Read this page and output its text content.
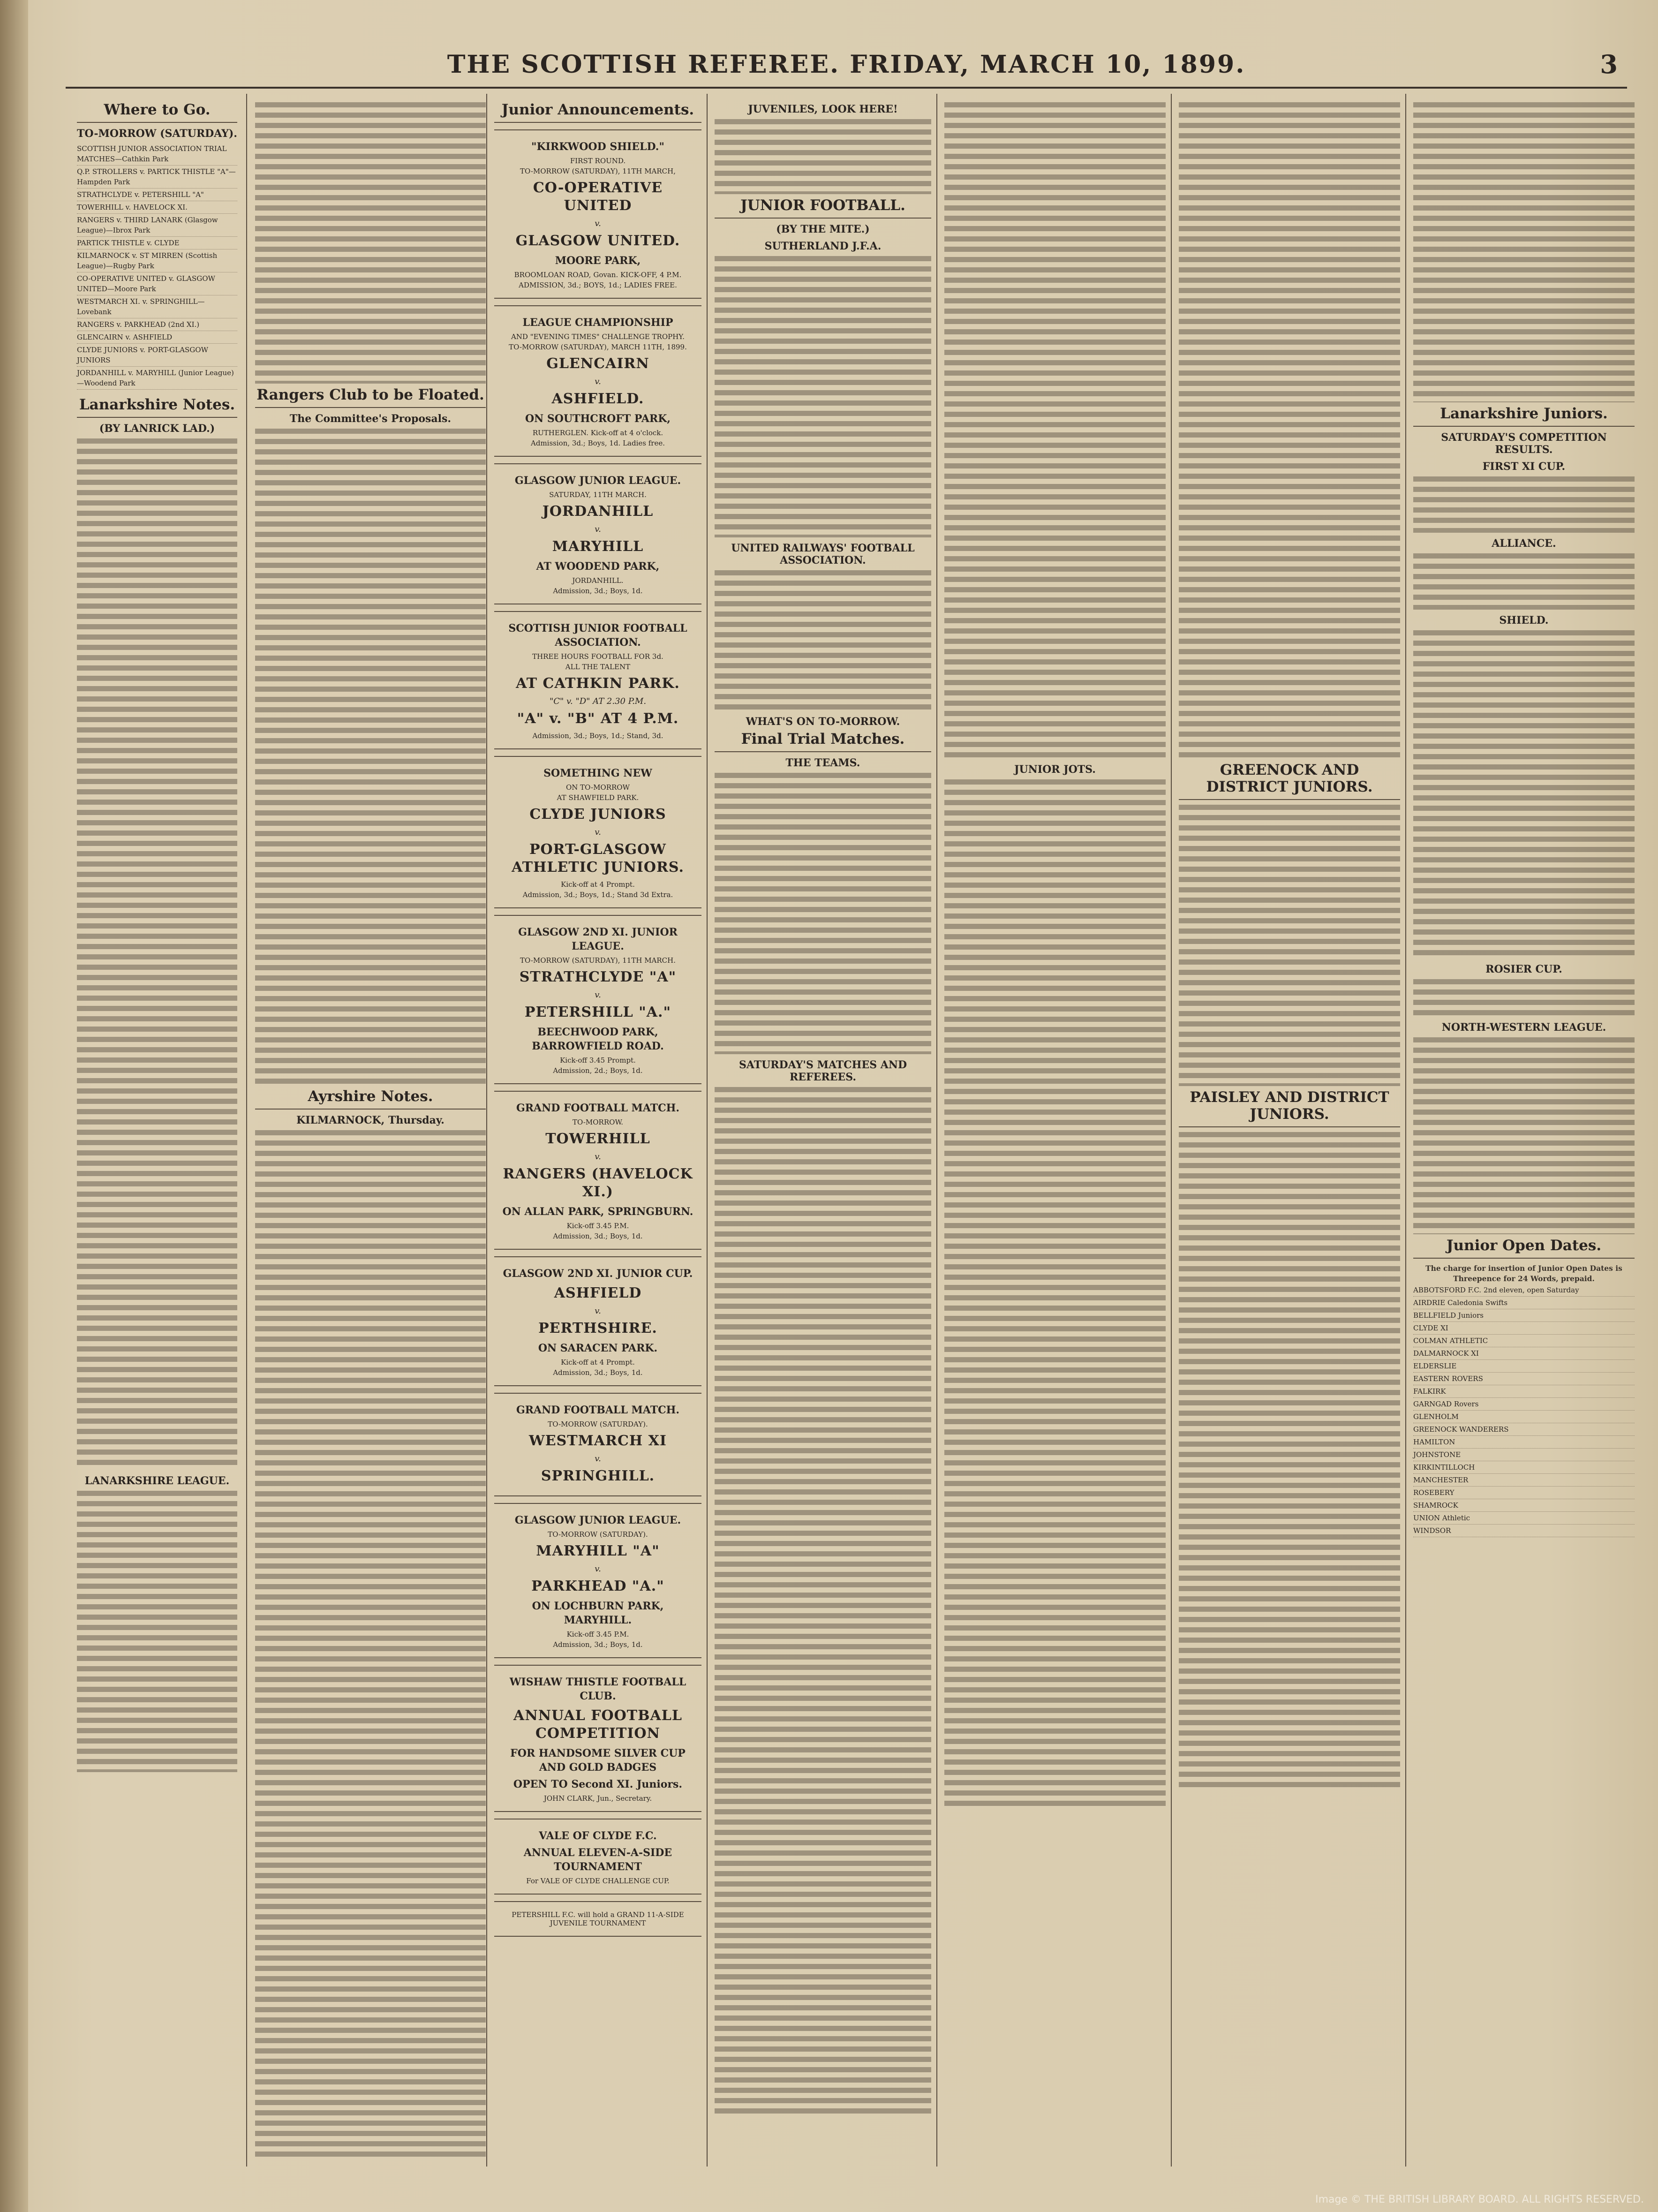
THE SCOTTISH REFEREE. FRIDAY, MARCH 10, 1899.	3
Where to Go.
TO-MORROW (SATURDAY).
SCOTTISH JUNIOR ASSOCIATION TRIAL MATCHES—Cathkin Park
Q.P. STROLLERS v. PARTICK THISTLE "A"—Hampden Park
STRATHCLYDE v. PETERSHILL "A"
TOWERHILL v. HAVELOCK XI.
RANGERS v. THIRD LANARK (Glasgow League)—Ibrox Park
PARTICK THISTLE v. CLYDE
KILMARNOCK v. ST MIRREN (Scottish League)—Rugby Park
CO-OPERATIVE UNITED v. GLASGOW UNITED—Moore Park
WESTMARCH XI. v. SPRINGHILL—Lovebank
RANGERS v. PARKHEAD (2nd XI.)
GLENCAIRN v. ASHFIELD
CLYDE JUNIORS v. PORT-GLASGOW JUNIORS
JORDANHILL v. MARYHILL (Junior League)—Woodend Park
Lanarkshire Notes.
(BY LANRICK LAD.)
LANARKSHIRE LEAGUE.
Rangers Club to be Floated.
The Committee's Proposals.
Ayrshire Notes.
KILMARNOCK, Thursday.
Junior Announcements.
"KIRKWOOD SHIELD."
FIRST ROUND.
TO-MORROW (SATURDAY), 11TH MARCH,
CO-OPERATIVE UNITED
v.
GLASGOW UNITED.
MOORE PARK,
BROOMLOAN ROAD, Govan. KICK-OFF, 4 P.M.
ADMISSION, 3d.; BOYS, 1d.; LADIES FREE.
LEAGUE CHAMPIONSHIP
AND "EVENING TIMES" CHALLENGE TROPHY.
TO-MORROW (SATURDAY), MARCH 11TH, 1899.
GLENCAIRN
v.
ASHFIELD.
ON SOUTHCROFT PARK,
RUTHERGLEN. Kick-off at 4 o'clock.
Admission, 3d.; Boys, 1d. Ladies free.
GLASGOW JUNIOR LEAGUE.
SATURDAY, 11TH MARCH.
JORDANHILL
v.
MARYHILL
AT WOODEND PARK,
JORDANHILL.
Admission, 3d.; Boys, 1d.
SCOTTISH JUNIOR FOOTBALL ASSOCIATION.
THREE HOURS FOOTBALL FOR 3d.
ALL THE TALENT
AT CATHKIN PARK.
"C" v. "D" AT 2.30 P.M.
"A" v. "B" AT 4 P.M.
Admission, 3d.; Boys, 1d.; Stand, 3d.
SOMETHING NEW
ON TO-MORROW
AT SHAWFIELD PARK.
CLYDE JUNIORS
v.
PORT-GLASGOW ATHLETIC JUNIORS.
Kick-off at 4 Prompt.
Admission, 3d.; Boys, 1d.; Stand 3d Extra.
GLASGOW 2ND XI. JUNIOR LEAGUE.
TO-MORROW (SATURDAY), 11TH MARCH.
STRATHCLYDE "A"
v.
PETERSHILL "A."
BEECHWOOD PARK, BARROWFIELD ROAD.
Kick-off 3.45 Prompt.
Admission, 2d.; Boys, 1d.
GRAND FOOTBALL MATCH.
TO-MORROW.
TOWERHILL
v.
RANGERS (HAVELOCK XI.)
ON ALLAN PARK, SPRINGBURN.
Kick-off 3.45 P.M.
Admission, 3d.; Boys, 1d.
GLASGOW 2ND XI. JUNIOR CUP.
ASHFIELD
v.
PERTHSHIRE.
ON SARACEN PARK.
Kick-off at 4 Prompt.
Admission, 3d.; Boys, 1d.
GRAND FOOTBALL MATCH.
TO-MORROW (SATURDAY).
WESTMARCH XI
v.
SPRINGHILL.
GLASGOW JUNIOR LEAGUE.
TO-MORROW (SATURDAY).
MARYHILL "A"
v.
PARKHEAD "A."
ON LOCHBURN PARK, MARYHILL.
Kick-off 3.45 P.M.
Admission, 3d.; Boys, 1d.
WISHAW THISTLE FOOTBALL CLUB.
ANNUAL FOOTBALL COMPETITION
FOR HANDSOME SILVER CUP AND GOLD BADGES
OPEN TO Second XI. Juniors.
JOHN CLARK, Jun., Secretary.
VALE OF CLYDE F.C.
ANNUAL ELEVEN-A-SIDE TOURNAMENT
For VALE OF CLYDE CHALLENGE CUP.
PETERSHILL F.C. will hold a GRAND 11-A-SIDE JUVENILE TOURNAMENT
JUVENILES, LOOK HERE!
JUNIOR FOOTBALL.
(BY THE MITE.)
SUTHERLAND J.F.A.
UNITED RAILWAYS' FOOTBALL ASSOCIATION.
WHAT'S ON TO-MORROW.
Final Trial Matches.
THE TEAMS.
SATURDAY'S MATCHES AND REFEREES.
JUNIOR JOTS.	GREENOCK AND DISTRICT JUNIORS.
PAISLEY AND DISTRICT JUNIORS.
Lanarkshire Juniors.
SATURDAY'S COMPETITION RESULTS.
FIRST XI CUP.
ALLIANCE.
SHIELD.
ROSIER CUP.
NORTH-WESTERN LEAGUE.
Junior Open Dates.
The charge for insertion of Junior Open Dates is Threepence for 24 Words, prepaid.
ABBOTSFORD F.C. 2nd eleven, open Saturday
AIRDRIE Caledonia Swifts
BELLFIELD Juniors
CLYDE XI
COLMAN ATHLETIC
DALMARNOCK XI
ELDERSLIE
EASTERN ROVERS
FALKIRK
GARNGAD Rovers
GLENHOLM
GREENOCK WANDERERS
HAMILTON
JOHNSTONE
KIRKINTILLOCH
MANCHESTER
ROSEBERY
SHAMROCK
UNION Athletic
WINDSOR
Image © THE BRITISH LIBRARY BOARD. ALL RIGHTS RESERVED.
